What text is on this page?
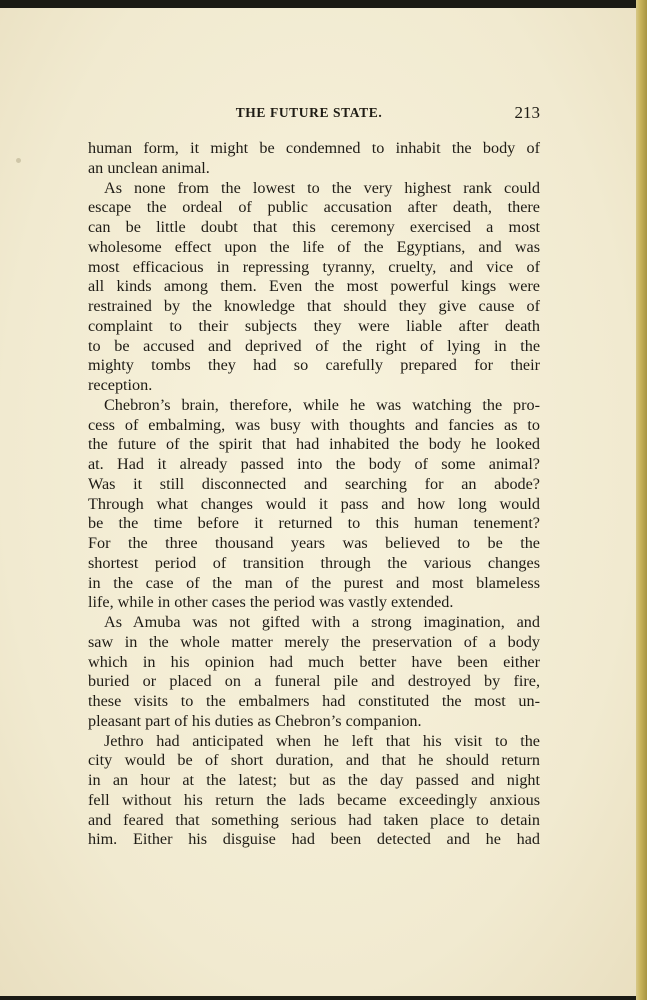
THE FUTURE STATE.	213
human form, it might be condemned to inhabit the body of
an unclean animal.
As none from the lowest to the very highest rank could
escape the ordeal of public accusation after death, there
can be little doubt that this ceremony exercised a most
wholesome effect upon the life of the Egyptians, and was
most efficacious in repressing tyranny, cruelty, and vice of
all kinds among them. Even the most powerful kings were
restrained by the knowledge that should they give cause of
complaint to their subjects they were liable after death
to be accused and deprived of the right of lying in the
mighty tombs they had so carefully prepared for their
reception.
Chebron’s brain, therefore, while he was watching the pro-
cess of embalming, was busy with thoughts and fancies as to
the future of the spirit that had inhabited the body he looked
at. Had it already passed into the body of some animal?
Was it still disconnected and searching for an abode?
Through what changes would it pass and how long would
be the time before it returned to this human tenement?
For the three thousand years was believed to be the
shortest period of transition through the various changes
in the case of the man of the purest and most blameless
life, while in other cases the period was vastly extended.
As Amuba was not gifted with a strong imagination, and
saw in the whole matter merely the preservation of a body
which in his opinion had much better have been either
buried or placed on a funeral pile and destroyed by fire,
these visits to the embalmers had constituted the most un-
pleasant part of his duties as Chebron’s companion.
Jethro had anticipated when he left that his visit to the
city would be of short duration, and that he should return
in an hour at the latest; but as the day passed and night
fell without his return the lads became exceedingly anxious
and feared that something serious had taken place to detain
him. Either his disguise had been detected and he had
